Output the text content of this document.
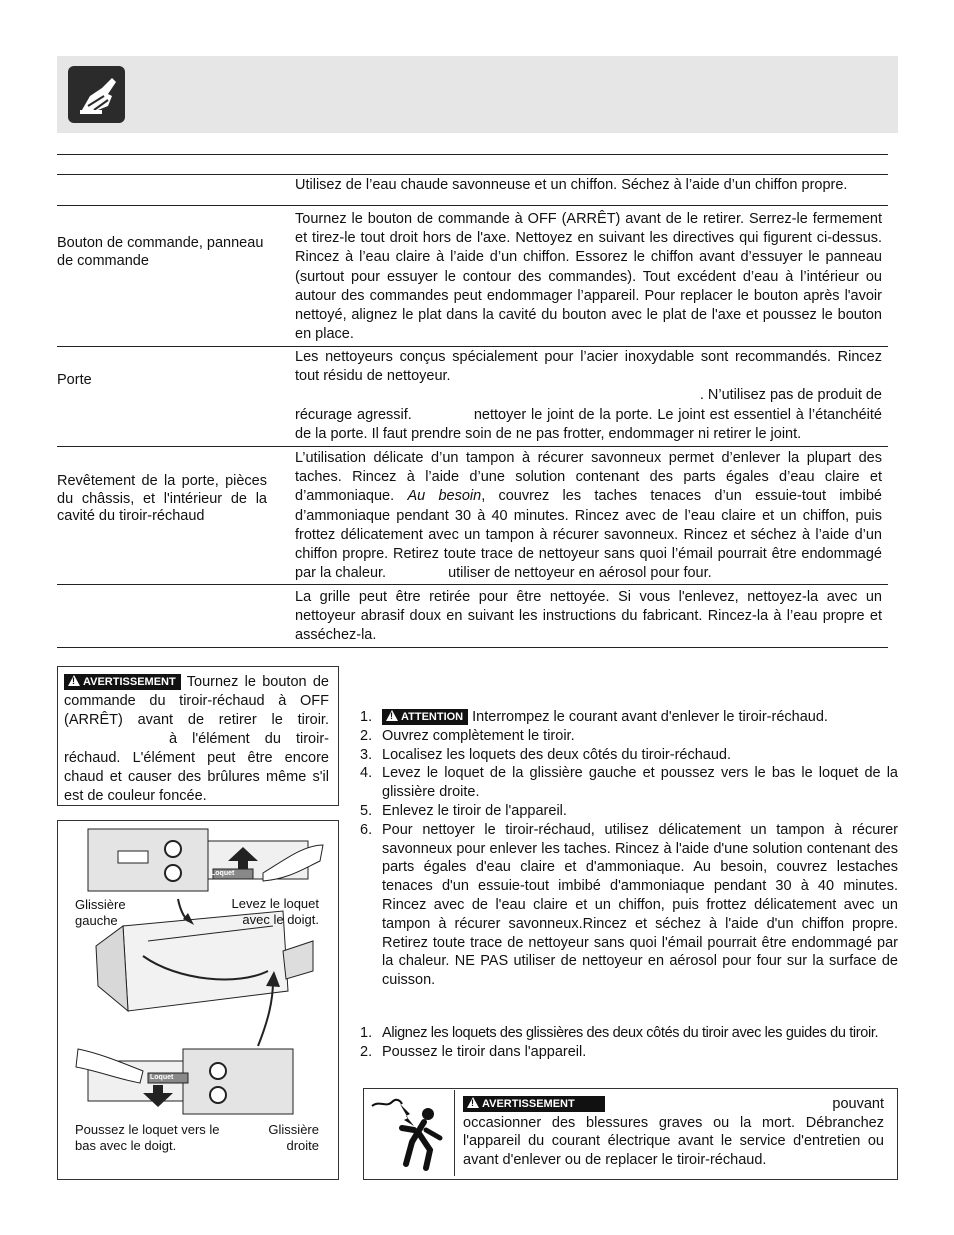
Utilisez de l’eau chaude savonneuse et un chiffon. Séchez à l’aide d’un chiffon propre.
Bouton de commande, panneau de commande
Tournez le bouton de commande à OFF (ARRÊT) avant de le retirer. Serrez-le fermement et tirez-le tout droit hors de l'axe. Nettoyez en suivant les directives qui figurent ci-dessus. Rincez à l’eau claire à l’aide d’un chiffon. Essorez le chiffon avant d’essuyer le panneau (surtout pour essuyer le contour des commandes). Tout excédent d’eau à l’intérieur ou autour des commandes peut endommager l’appareil. Pour replacer le bouton après l'avoir nettoyé, alignez le plat dans la cavité du bouton avec le plat de l'axe et poussez le bouton en place.
Porte
Les nettoyeurs conçus spécialement pour l’acier inoxydable sont recommandés. Rincez tout résidu de nettoyeur.
. N’utilisez pas de produit de
récurage agressif.	nettoyer le joint de la porte. Le joint est essentiel à l’étanchéité de la porte. Il faut prendre soin de ne pas frotter, endommager ni retirer le joint.
Revêtement de la porte, pièces du châssis, et l'intérieur de la cavité du tiroir-réchaud
L’utilisation délicate d’un tampon à récurer savonneux permet d’enlever la plupart des taches. Rincez à l’aide d’une solution contenant des parts égales d’eau claire et d’ammoniaque. Au besoin, couvrez les taches tenaces d’un essuie-tout imbibé d’ammoniaque pendant 30 à 40 minutes. Rincez avec de l’eau claire et un chiffon, puis frottez délicatement avec un tampon à récurer savonneux. Rincez et séchez à l’aide d’un chiffon propre. Retirez toute trace de nettoyeur sans quoi l’émail pourrait être endommagé par la chaleur.	utiliser de nettoyeur en aérosol pour four.
La grille peut être retirée pour être nettoyée. Si vous l'enlevez, nettoyez-la avec un nettoyeur abrasif doux en suivant les instructions du fabricant. Rincez-la à l’eau propre et asséchez-la.
!AVERTISSEMENT Tournez le bouton de commande du tiroir-réchaud à OFF (ARRÊT) avant de retirer le tiroir. à l'élément du tiroir-réchaud. L'élément peut être encore chaud et causer des brûlures même s'il est de couleur foncée.
Loquet
Loquet
Glissière gauche
Levez le loquet avec le doigt.
Poussez le loquet vers le bas avec le doigt.
Glissière droite
1.
!	ATTENTION Interrompez le courant avant d'enlever le tiroir-réchaud.
2. Ouvrez complètement le tiroir.
3. Localisez les loquets des deux côtés du tiroir-réchaud.
4. Levez le loquet de la glissière gauche et poussez vers le bas le loquet de la glissière droite.
5. Enlevez le tiroir de l'appareil.
6. Pour nettoyer le tiroir-réchaud, utilisez délicatement un tampon à récurer savonneux pour enlever les taches. Rincez à l'aide d'une solution contenant des parts égales d'eau claire et d'ammoniaque. Au besoin, couvrez lestaches tenaces d'un essuie-tout imbibé d'ammoniaque pendant 30 à 40 minutes. Rincez avec de l'eau claire et un chiffon, puis frottez délicatement avec un tampon à récurer savonneux.Rincez et séchez à l'aide d'un chiffon propre. Retirez toute trace de nettoyeur sans quoi l'émail pourrait être endommagé par la chaleur. NE PAS utiliser de nettoyeur en aérosol pour four sur la surface de cuisson.
1. Alignez les loquets des glissières des deux côtés du tiroir avec les guides du tiroir.
2. Poussez le tiroir dans l'appareil.
!AVERTISSEMENT	pouvant

occasionner des blessures graves ou la mort. Débranchez l'appareil du courant électrique avant le service d'entretien ou avant d'enlever ou de replacer le tiroir-réchaud.
